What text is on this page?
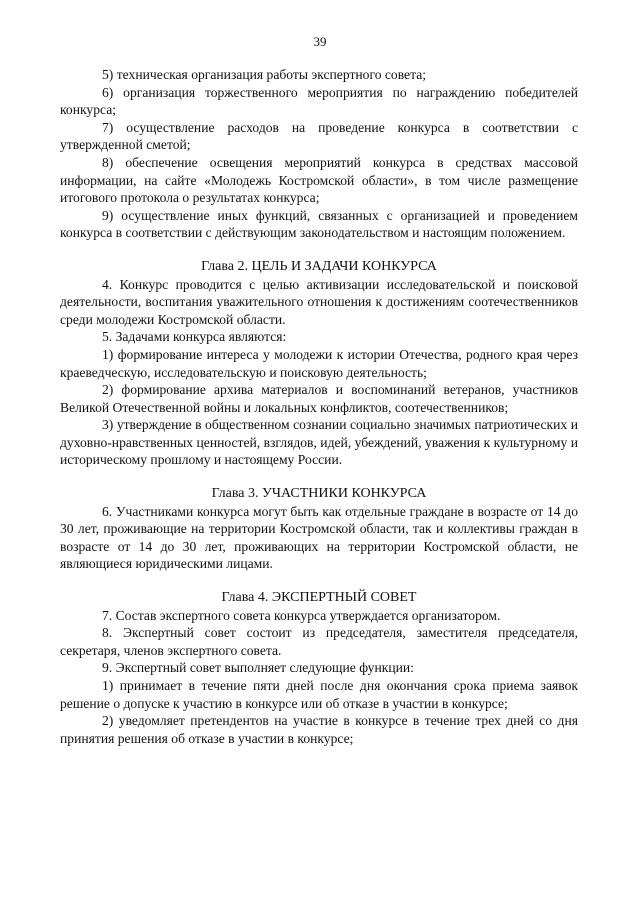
39

5) техническая организация работы экспертного совета;

6) организация торжественного мероприятия по награждению победителей конкурса;

7) осуществление расходов на проведение конкурса в соответствии с утвержденной сметой;

8) обеспечение освещения мероприятий конкурса в средствах массовой информации, на сайте «Молодежь Костромской области», в том числе размещение итогового протокола о результатах конкурса;

9) осуществление иных функций, связанных с организацией и проведением конкурса в соответствии с действующим законодательством и настоящим положением.

Глава 2. ЦЕЛЬ И ЗАДАЧИ КОНКУРСА

4. Конкурс проводится с целью активизации исследовательской и поисковой деятельности, воспитания уважительного отношения к достижениям соотечественников среди молодежи Костромской области.

5. Задачами конкурса являются:

1) формирование интереса у молодежи к истории Отечества, родного края через краеведческую, исследовательскую и поисковую деятельность;

2) формирование архива материалов и воспоминаний ветеранов, участников Великой Отечественной войны и локальных конфликтов, соотечественников;

3) утверждение в общественном сознании социально значимых патриотических и духовно-нравственных ценностей, взглядов, идей, убеждений, уважения к культурному и историческому прошлому и настоящему России.

Глава 3. УЧАСТНИКИ КОНКУРСА

6. Участниками конкурса могут быть как отдельные граждане в возрасте от 14 до 30 лет, проживающие на территории Костромской области, так и коллективы граждан в возрасте от 14 до 30 лет, проживающих на территории Костромской области, не являющиеся юридическими лицами.

Глава 4. ЭКСПЕРТНЫЙ СОВЕТ

7. Состав экспертного совета конкурса утверждается организатором.

8. Экспертный совет состоит из председателя, заместителя председателя, секретаря, членов экспертного совета.

9. Экспертный совет выполняет следующие функции:

1) принимает в течение пяти дней после дня окончания срока приема заявок решение о допуске к участию в конкурсе или об отказе в участии в конкурсе;

2) уведомляет претендентов на участие в конкурсе в течение трех дней со дня принятия решения об отказе в участии в конкурсе;
